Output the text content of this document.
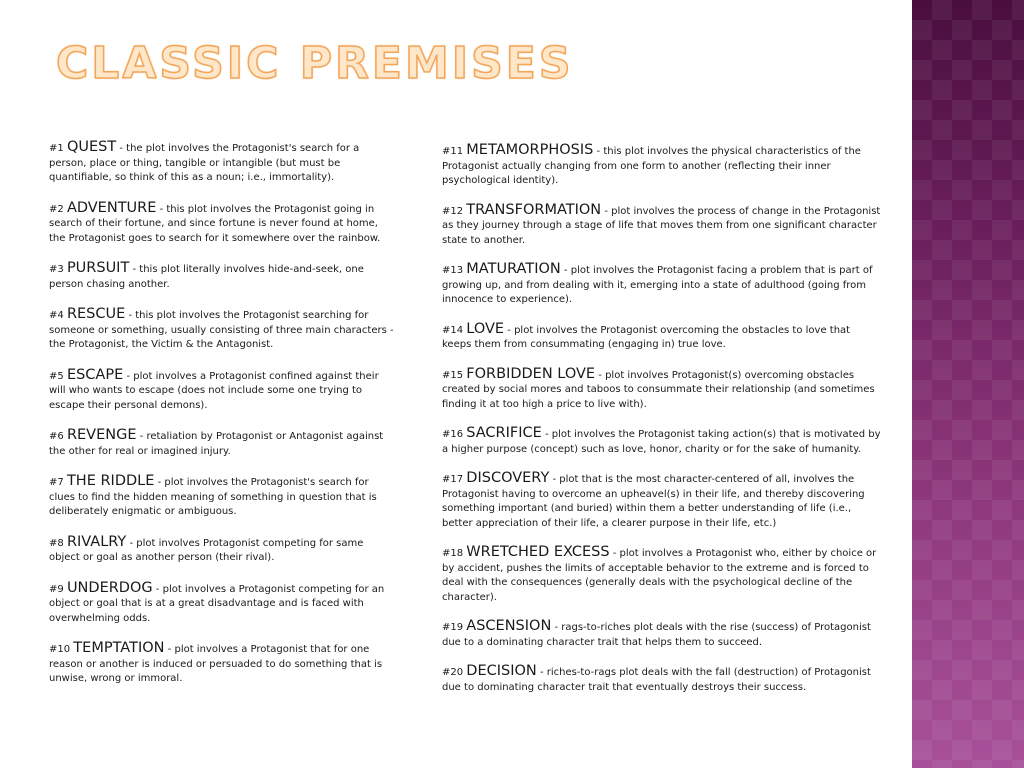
CLASSIC PREMISES

#1 QUEST - the plot involves the Protagonist's search for a person, place or thing, tangible or intangible (but must be quantifiable, so think of this as a noun; i.e., immortality).

#2 ADVENTURE - this plot involves the Protagonist going in search of their fortune, and since fortune is never found at home, the Protagonist goes to search for it somewhere over the rainbow.

#3 PURSUIT - this plot literally involves hide-and-seek, one person chasing another.

#4 RESCUE - this plot involves the Protagonist searching for someone or something, usually consisting of three main characters - the Protagonist, the Victim & the Antagonist.

#5 ESCAPE - plot involves a Protagonist confined against their will who wants to escape (does not include some one trying to escape their personal demons).

#6 REVENGE - retaliation by Protagonist or Antagonist against the other for real or imagined injury.

#7 THE RIDDLE - plot involves the Protagonist's search for clues to find the hidden meaning of something in question that is deliberately enigmatic or ambiguous.

#8 RIVALRY - plot involves Protagonist competing for same object or goal as another person (their rival).

#9 UNDERDOG - plot involves a Protagonist competing for an object or goal that is at a great disadvantage and is faced with overwhelming odds.

#10 TEMPTATION - plot involves a Protagonist that for one reason or another is induced or persuaded to do something that is unwise, wrong or immoral.

#11 METAMORPHOSIS - this plot involves the physical characteristics of the Protagonist actually changing from one form to another (reflecting their inner psychological identity).

#12 TRANSFORMATION - plot involves the process of change in the Protagonist as they journey through a stage of life that moves them from one significant character state to another.

#13 MATURATION - plot involves the Protagonist facing a problem that is part of growing up, and from dealing with it, emerging into a state of adulthood (going from innocence to experience).

#14 LOVE - plot involves the Protagonist overcoming the obstacles to love that keeps them from consummating (engaging in) true love.

#15 FORBIDDEN LOVE - plot involves Protagonist(s) overcoming obstacles created by social mores and taboos to consummate their relationship (and sometimes finding it at too high a price to live with).

#16 SACRIFICE - plot involves the Protagonist taking action(s) that is motivated by a higher purpose (concept) such as love, honor, charity or for the sake of humanity.

#17 DISCOVERY - plot that is the most character-centered of all, involves the Protagonist having to overcome an upheavel(s) in their life, and thereby discovering something important (and buried) within them a better understanding of life (i.e., better appreciation of their life, a clearer purpose in their life, etc.)

#18 WRETCHED EXCESS - plot involves a Protagonist who, either by choice or by accident, pushes the limits of acceptable behavior to the extreme and is forced to deal with the consequences (generally deals with the psychological decline of the character).

#19 ASCENSION - rags-to-riches plot deals with the rise (success) of Protagonist due to a dominating character trait that helps them to succeed.

#20 DECISION - riches-to-rags plot deals with the fall (destruction) of Protagonist due to dominating character trait that eventually destroys their success.
